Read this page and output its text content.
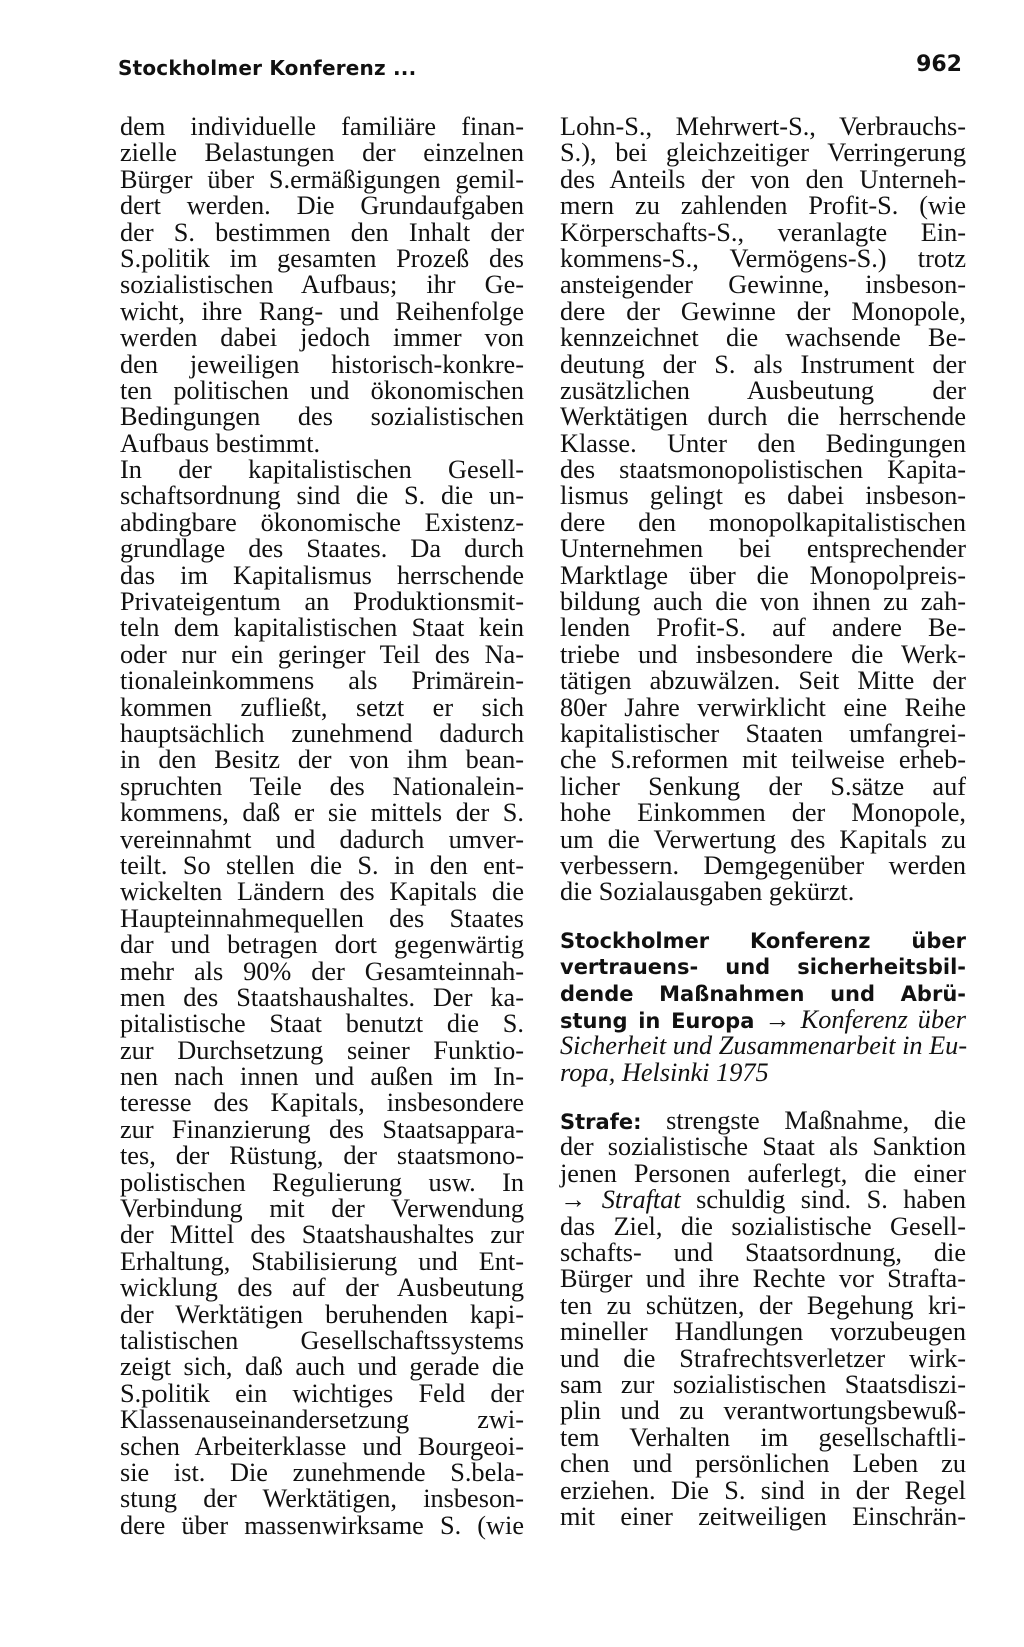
Stockholmer Konferenz ...	962
dem individuelle familiäre finan-
zielle Belastungen der einzelnen
Bürger über S.ermäßigungen gemil-
dert werden. Die Grundaufgaben
der S. bestimmen den Inhalt der
S.politik im gesamten Prozeß des
sozialistischen Aufbaus; ihr Ge-
wicht, ihre Rang- und Reihenfolge
werden dabei jedoch immer von
den jeweiligen historisch-konkre-
ten politischen und ökonomischen
Bedingungen des sozialistischen
Aufbaus bestimmt.
In der kapitalistischen Gesell-
schaftsordnung sind die S. die un-
abdingbare ökonomische Existenz-
grundlage des Staates. Da durch
das im Kapitalismus herrschende
Privateigentum an Produktionsmit-
teln dem kapitalistischen Staat kein
oder nur ein geringer Teil des Na-
tionaleinkommens als Primärein-
kommen zufließt, setzt er sich
hauptsächlich zunehmend dadurch
in den Besitz der von ihm bean-
spruchten Teile des Nationalein-
kommens, daß er sie mittels der S.
vereinnahmt und dadurch umver-
teilt. So stellen die S. in den ent-
wickelten Ländern des Kapitals die
Haupteinnahmequellen des Staates
dar und betragen dort gegenwärtig
mehr als 90% der Gesamteinnah-
men des Staatshaushaltes. Der ka-
pitalistische Staat benutzt die S.
zur Durchsetzung seiner Funktio-
nen nach innen und außen im In-
teresse des Kapitals, insbesondere
zur Finanzierung des Staatsappara-
tes, der Rüstung, der staatsmono-
polistischen Regulierung usw. In
Verbindung mit der Verwendung
der Mittel des Staatshaushaltes zur
Erhaltung, Stabilisierung und Ent-
wicklung des auf der Ausbeutung
der Werktätigen beruhenden kapi-
talistischen Gesellschaftssystems
zeigt sich, daß auch und gerade die
S.politik ein wichtiges Feld der
Klassenauseinandersetzung zwi-
schen Arbeiterklasse und Bourgeoi-
sie ist. Die zunehmende S.bela-
stung der Werktätigen, insbeson-
dere über massenwirksame S. (wie
Lohn-S., Mehrwert-S., Verbrauchs-
S.), bei gleichzeitiger Verringerung
des Anteils der von den Unterneh-
mern zu zahlenden Profit-S. (wie
Körperschafts-S., veranlagte Ein-
kommens-S., Vermögens-S.) trotz
ansteigender Gewinne, insbeson-
dere der Gewinne der Monopole,
kennzeichnet die wachsende Be-
deutung der S. als Instrument der
zusätzlichen Ausbeutung der
Werktätigen durch die herrschende
Klasse. Unter den Bedingungen
des staatsmonopolistischen Kapita-
lismus gelingt es dabei insbeson-
dere den monopolkapitalistischen
Unternehmen bei entsprechender
Marktlage über die Monopolpreis-
bildung auch die von ihnen zu zah-
lenden Profit-S. auf andere Be-
triebe und insbesondere die Werk-
tätigen abzuwälzen. Seit Mitte der
80er Jahre verwirklicht eine Reihe
kapitalistischer Staaten umfangrei-
che S.reformen mit teilweise erheb-
licher Senkung der S.sätze auf
hohe Einkommen der Monopole,
um die Verwertung des Kapitals zu
verbessern. Demgegenüber werden
die Sozialausgaben gekürzt.
Stockholmer Konferenz über
vertrauens- und sicherheitsbil-
dende Maßnahmen und Abrü-
stung in Europa → Konferenz über
Sicherheit und Zusammenarbeit in Eu-
ropa, Helsinki 1975
Strafe: strengste Maßnahme, die
der sozialistische Staat als Sanktion
jenen Personen auferlegt, die einer
→ Straftat schuldig sind. S. haben
das Ziel, die sozialistische Gesell-
schafts- und Staatsordnung, die
Bürger und ihre Rechte vor Strafta-
ten zu schützen, der Begehung kri-
mineller Handlungen vorzubeugen
und die Strafrechtsverletzer wirk-
sam zur sozialistischen Staatsdiszi-
plin und zu verantwortungsbewuß-
tem Verhalten im gesellschaftli-
chen und persönlichen Leben zu
erziehen. Die S. sind in der Regel
mit einer zeitweiligen Einschrän-
